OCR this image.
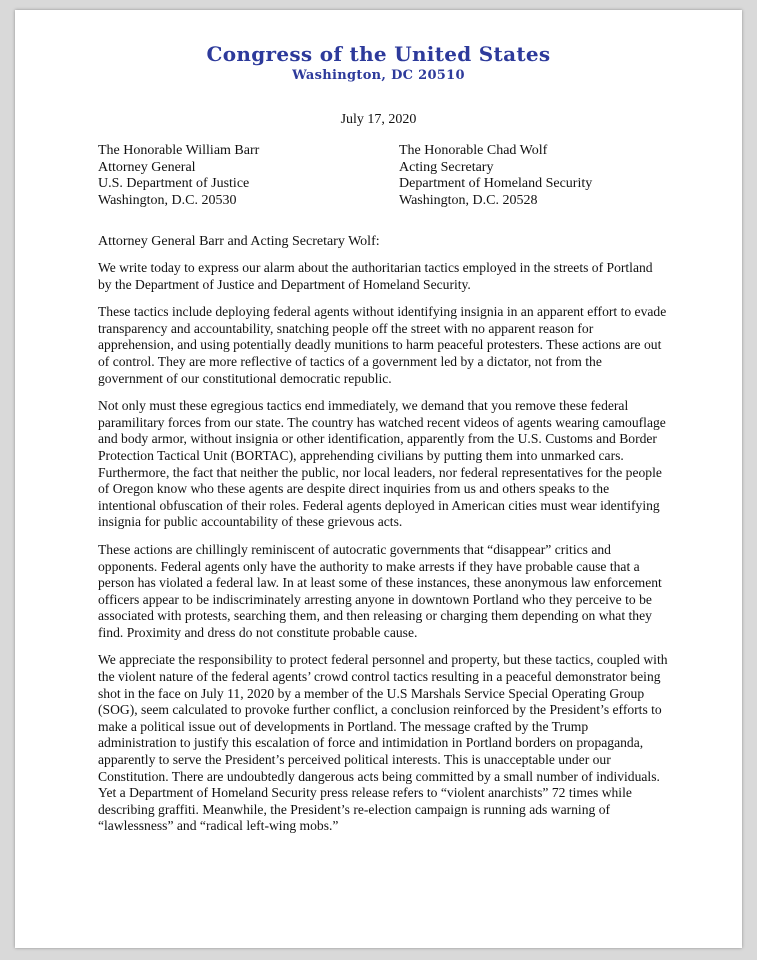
Congress of the United States
Washington, DC 20510
July 17, 2020
The Honorable William Barr
Attorney General
U.S. Department of Justice
Washington, D.C. 20530
The Honorable Chad Wolf
Acting Secretary
Department of Homeland Security
Washington, D.C. 20528
Attorney General Barr and Acting Secretary Wolf:

We write today to express our alarm about the authoritarian tactics employed in the streets of Portland by the Department of Justice and Department of Homeland Security.

These tactics include deploying federal agents without identifying insignia in an apparent effort to evade transparency and accountability, snatching people off the street with no apparent reason for apprehension, and using potentially deadly munitions to harm peaceful protesters. These actions are out of control. They are more reflective of tactics of a government led by a dictator, not from the government of our constitutional democratic republic.

Not only must these egregious tactics end immediately, we demand that you remove these federal paramilitary forces from our state. The country has watched recent videos of agents wearing camouflage and body armor, without insignia or other identification, apparently from the U.S. Customs and Border Protection Tactical Unit (BORTAC), apprehending civilians by putting them into unmarked cars. Furthermore, the fact that neither the public, nor local leaders, nor federal representatives for the people of Oregon know who these agents are despite direct inquiries from us and others speaks to the intentional obfuscation of their roles. Federal agents deployed in American cities must wear identifying insignia for public accountability of these grievous acts.

These actions are chillingly reminiscent of autocratic governments that “disappear” critics and opponents. Federal agents only have the authority to make arrests if they have probable cause that a person has violated a federal law. In at least some of these instances, these anonymous law enforcement officers appear to be indiscriminately arresting anyone in downtown Portland who they perceive to be associated with protests, searching them, and then releasing or charging them depending on what they find. Proximity and dress do not constitute probable cause.

We appreciate the responsibility to protect federal personnel and property, but these tactics, coupled with the violent nature of the federal agents’ crowd control tactics resulting in a peaceful demonstrator being shot in the face on July 11, 2020 by a member of the U.S Marshals Service Special Operating Group (SOG), seem calculated to provoke further conflict, a conclusion reinforced by the President’s efforts to make a political issue out of developments in Portland. The message crafted by the Trump administration to justify this escalation of force and intimidation in Portland borders on propaganda, apparently to serve the President’s perceived political interests. This is unacceptable under our Constitution. There are undoubtedly dangerous acts being committed by a small number of individuals. Yet a Department of Homeland Security press release refers to “violent anarchists” 72 times while describing graffiti. Meanwhile, the President’s re-election campaign is running ads warning of “lawlessness” and “radical left-wing mobs.”
